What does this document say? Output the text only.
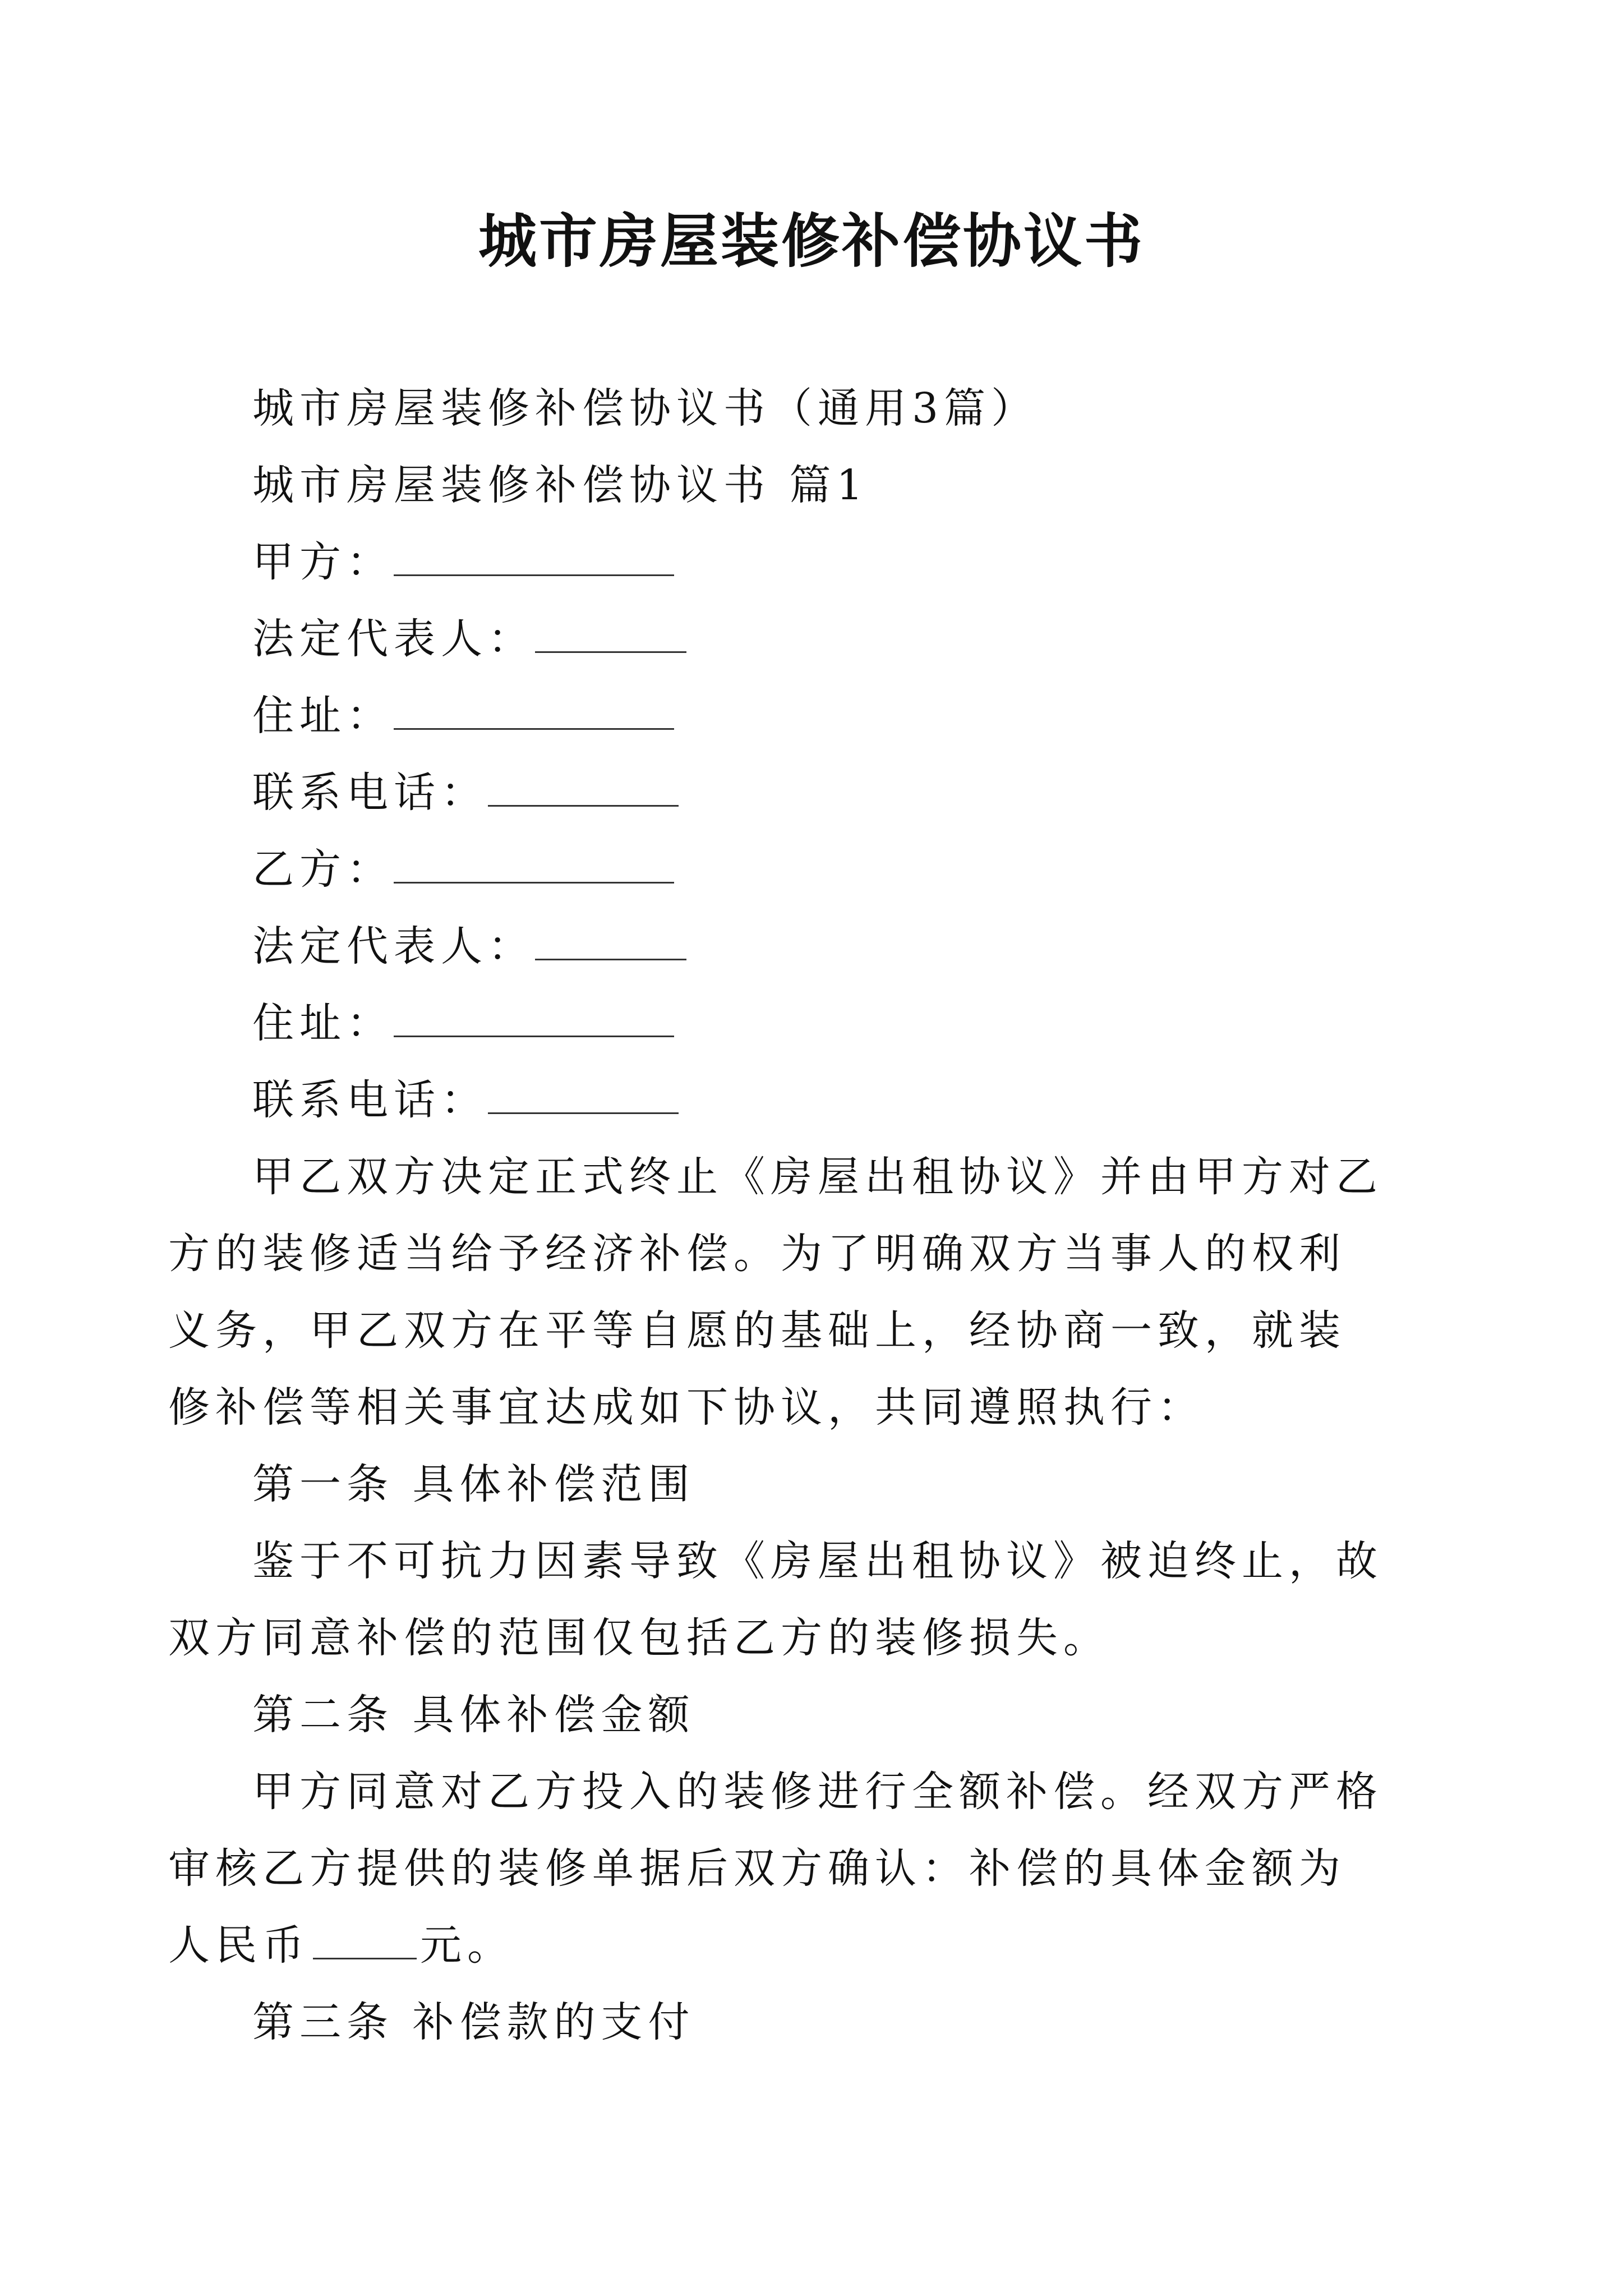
城市房屋装修补偿协议书

城市房屋装修补偿协议书（通用3篇）

城市房屋装修补偿协议书 篇1

甲方：

法定代表人：

住址：

联系电话：

乙方：

法定代表人：

住址：

联系电话：

甲乙双方决定正式终止《房屋出租协议》并由甲方对乙方的装修适当给予经济补偿。为了明确双方当事人的权利义务，甲乙双方在平等自愿的基础上，经协商一致，就装修补偿等相关事宜达成如下协议，共同遵照执行：

第一条 具体补偿范围

鉴于不可抗力因素导致《房屋出租协议》被迫终止，故双方同意补偿的范围仅包括乙方的装修损失。

第二条 具体补偿金额

甲方同意对乙方投入的装修进行全额补偿。经双方严格审核乙方提供的装修单据后双方确认：补偿的具体金额为人民币	元。

第三条 补偿款的支付
